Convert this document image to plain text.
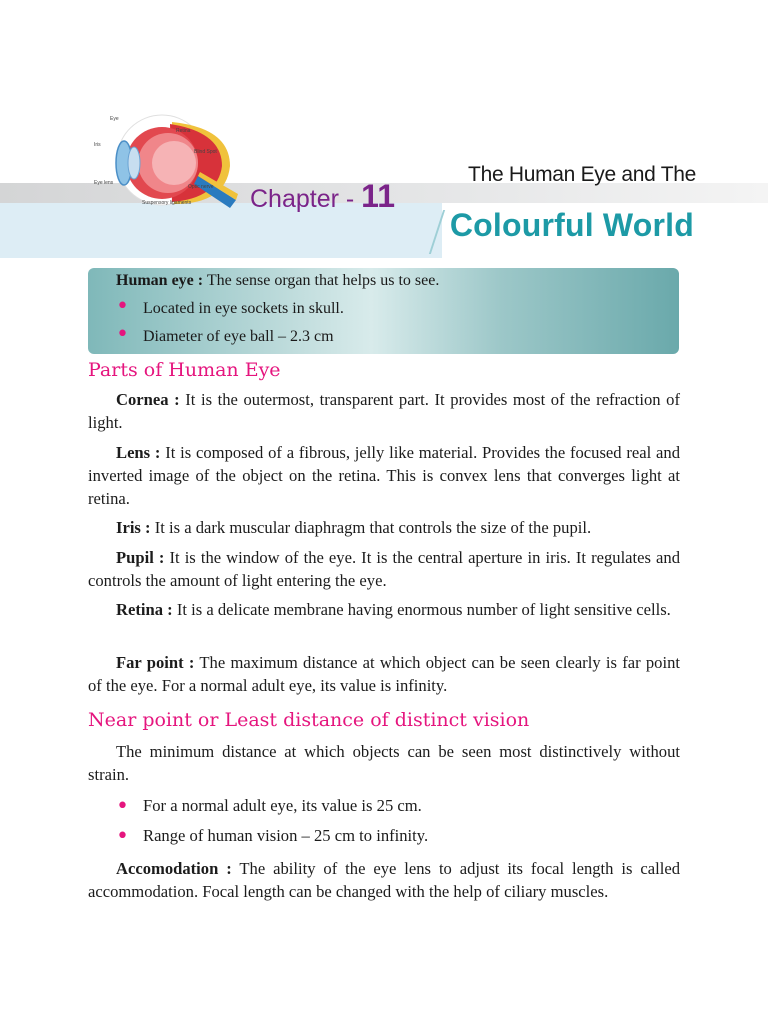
Eye
Retina
Blind Spot
Optic nerve
Suspensory ligaments
Iris
Eye lens
Chapter - 11
The Human Eye and The
Colourful World
Human eye : The sense organ that helps us to see.
• Located in eye sockets in skull.
• Diameter of eye ball – 2.3 cm
Parts of Human Eye
Cornea : It is the outermost, transparent part. It provides most of the refraction of light.
Lens : It is composed of a fibrous, jelly like material. Provides the focused real and inverted image of the object on the retina. This is convex lens that converges light at retina.
Iris : It is a dark muscular diaphragm that controls the size of the pupil.
Pupil : It is the window of the eye. It is the central aperture in iris. It regulates and controls the amount of light entering the eye.
Retina : It is a delicate membrane having enormous number of light sensitive cells.
Far point : The maximum distance at which object can be seen clearly is far point of the eye. For a normal adult eye, its value is infinity.
Near point or Least distance of distinct vision
The minimum distance at which objects can be seen most distinctively without strain.
• For a normal adult eye, its value is 25 cm.
• Range of human vision – 25 cm to infinity.
Accomodation : The ability of the eye lens to adjust its focal length is called accommodation. Focal length can be changed with the help of ciliary muscles.
